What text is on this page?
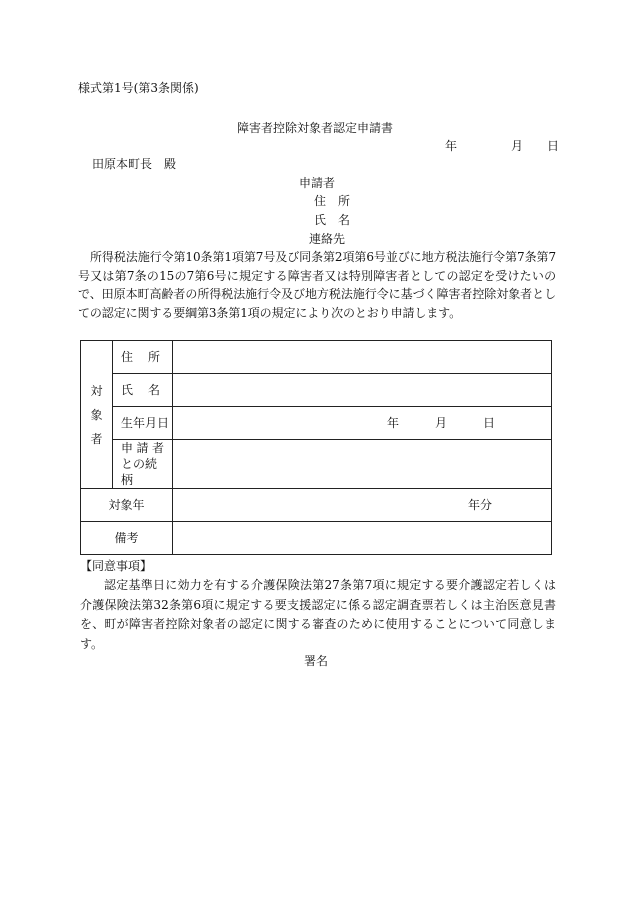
様式第1号(第3条関係)
障害者控除対象者認定申請書
年	月 日
田原本町長　殿
申請者
住　所
氏　名
連絡先
所得税法施行令第10条第1項第7号及び同条第2項第6号並びに地方税法施行令第7条第7号又は第7条の15の7第6号に規定する障害者又は特別障害者としての認定を受けたいので、田原本町高齢者の所得税法施行令及び地方税法施行令に基づく障害者控除対象者としての認定に関する要綱第3条第1項の規定により次のとおり申請します。
対
象
者	住 所	

	氏 名	

	生年月日	年 月 日

	申 請 者
との続柄	

対象年		年分

備考		
【同意事項】
認定基準日に効力を有する介護保険法第27条第7項に規定する要介護認定若しくは介護保険法第32条第6項に規定する要支援認定に係る認定調査票若しくは主治医意見書を、町が障害者控除対象者の認定に関する審査のために使用することについて同意します。
署名
